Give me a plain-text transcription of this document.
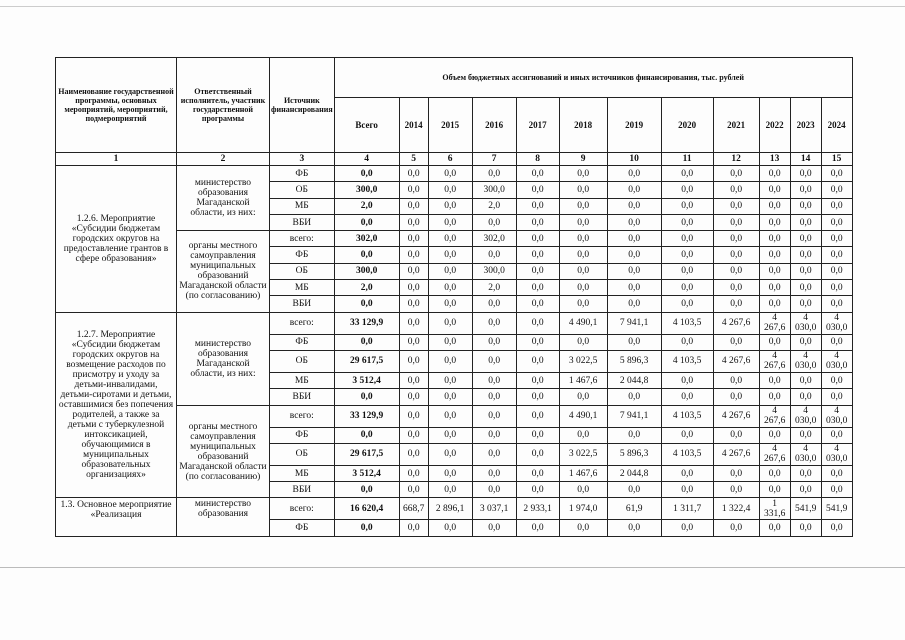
Наименование государственной программы, основных мероприятий, мероприятий, подмероприятий	Ответственный исполнитель, участник государственной программы	Источник финансирования	Объем бюджетных ассигнований и иных источников финансирования, тыс. рублей											
			Всего	2014	2015	2016	2017	2018	2019	2020	2021	2022	2023	2024
1	2	3	4	5	6	7	8	9	10	11	12	13	14	15
1.2.6. Мероприятие «Субсидии бюджетам городских округов на предоставление грантов в сфере образования»	министерство образования Магаданской области, из них:	ФБ	0,0	0,0	0,0	0,0	0,0	0,0	0,0	0,0	0,0	0,0	0,0	0,0
		ОБ	300,0	0,0	0,0	300,0	0,0	0,0	0,0	0,0	0,0	0,0	0,0	0,0
		МБ	2,0	0,0	0,0	2,0	0,0	0,0	0,0	0,0	0,0	0,0	0,0	0,0
		ВБИ	0,0	0,0	0,0	0,0	0,0	0,0	0,0	0,0	0,0	0,0	0,0	0,0
	органы местного самоуправления муниципальных образований Магаданской области (по согласованию)	всего:	302,0	0,0	0,0	302,0	0,0	0,0	0,0	0,0	0,0	0,0	0,0	0,0
		ФБ	0,0	0,0	0,0	0,0	0,0	0,0	0,0	0,0	0,0	0,0	0,0	0,0
		ОБ	300,0	0,0	0,0	300,0	0,0	0,0	0,0	0,0	0,0	0,0	0,0	0,0
		МБ	2,0	0,0	0,0	2,0	0,0	0,0	0,0	0,0	0,0	0,0	0,0	0,0
		ВБИ	0,0	0,0	0,0	0,0	0,0	0,0	0,0	0,0	0,0	0,0	0,0	0,0
1.2.7. Мероприятие «Субсидии бюджетам городских округов на возмещение расходов по присмотру и уходу за детьми-инвалидами, детьми-сиротами и детьми, оставшимися без попечения родителей, а также за детьми с туберкулезной интоксикацией, обучающимися в муниципальных образовательных организациях»	министерство образования Магаданской области, из них:	всего:	33 129,9	0,0	0,0	0,0	0,0	4 490,1	7 941,1	4 103,5	4 267,6	4 267,6	4 030,0	4 030,0
		ФБ	0,0	0,0	0,0	0,0	0,0	0,0	0,0	0,0	0,0	0,0	0,0	0,0
		ОБ	29 617,5	0,0	0,0	0,0	0,0	3 022,5	5 896,3	4 103,5	4 267,6	4 267,6	4 030,0	4 030,0
		МБ	3 512,4	0,0	0,0	0,0	0,0	1 467,6	2 044,8	0,0	0,0	0,0	0,0	0,0
		ВБИ	0,0	0,0	0,0	0,0	0,0	0,0	0,0	0,0	0,0	0,0	0,0	0,0
	органы местного самоуправления муниципальных образований Магаданской области (по согласованию)	всего:	33 129,9	0,0	0,0	0,0	0,0	4 490,1	7 941,1	4 103,5	4 267,6	4 267,6	4 030,0	4 030,0
		ФБ	0,0	0,0	0,0	0,0	0,0	0,0	0,0	0,0	0,0	0,0	0,0	0,0
		ОБ	29 617,5	0,0	0,0	0,0	0,0	3 022,5	5 896,3	4 103,5	4 267,6	4 267,6	4 030,0	4 030,0
		МБ	3 512,4	0,0	0,0	0,0	0,0	1 467,6	2 044,8	0,0	0,0	0,0	0,0	0,0
		ВБИ	0,0	0,0	0,0	0,0	0,0	0,0	0,0	0,0	0,0	0,0	0,0	0,0
1.3. Основное мероприятие «Реализация	министерство образования	всего:	16 620,4	668,7	2 896,1	3 037,1	2 933,1	1 974,0	61,9	1 311,7	1 322,4	1 331,6	541,9	541,9
		ФБ	0,0	0,0	0,0	0,0	0,0	0,0	0,0	0,0	0,0	0,0	0,0	0,0
